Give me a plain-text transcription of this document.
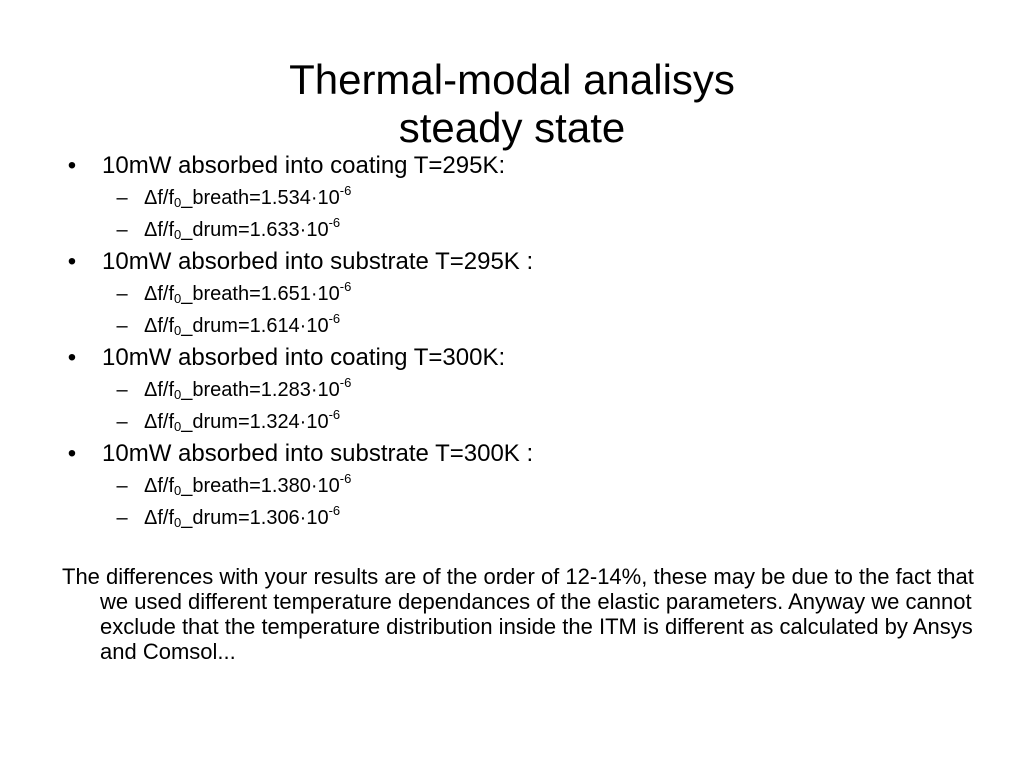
Thermal-modal analisys
steady state
• 10mW absorbed into coating T=295K:
– $\Delta f/f_0\_breath=1.534\cdot 10^{-6}$
– $\Delta f/f_0\_drum=1.633\cdot 10^{-6}$
• 10mW absorbed into substrate T=295K :
– $\Delta f/f_0\_breath=1.651\cdot 10^{-6}$
– $\Delta f/f_0\_drum=1.614\cdot 10^{-6}$
• 10mW absorbed into coating T=300K:
– $\Delta f/f_0\_breath=1.283\cdot 10^{-6}$
– $\Delta f/f_0\_drum=1.324\cdot 10^{-6}$
• 10mW absorbed into substrate T=300K :
– $\Delta f/f_0\_breath=1.380\cdot 10^{-6}$
– $\Delta f/f_0\_drum=1.306\cdot 10^{-6}$

The differences with your results are of the order of 12-14%, these may be due to the fact that we used different temperature dependances of the elastic parameters. Anyway we cannot exclude that the temperature distribution inside the ITM is different as calculated by Ansys and Comsol...
